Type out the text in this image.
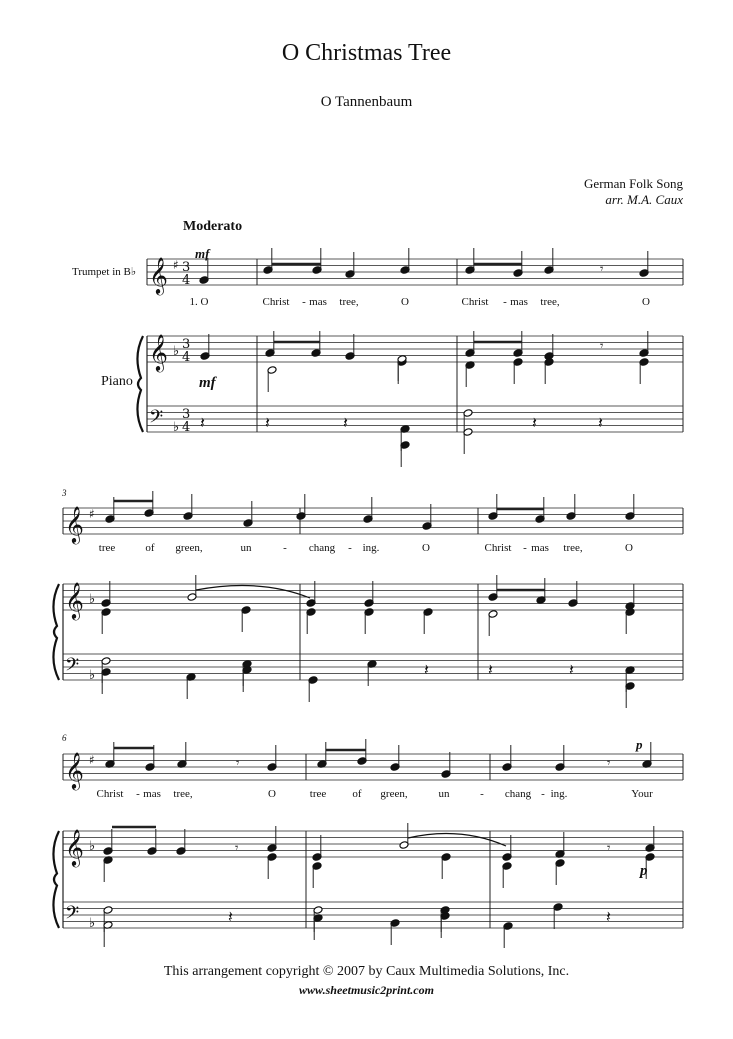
O Christmas Tree
O Tannenbaum
German Folk Song
arr. M.A. Caux
Moderato
Trumpet in B♭
Piano
3
6
mf
mf
p
p
1. O	Christ - mas tree,	O	Christ - mas tree,	O
tree	of green,	un	- chang - ing.	O	Christ - mas tree,	O
Christ - mas tree,	O	tree of green,	un	- chang - ing.	Your
This arrangement copyright © 2007 by Caux Multimedia Solutions, Inc.
www.sheetmusic2print.com
𝄞
𝄞
𝄢
♯
♭
♭
3
4
3
4
3
4
𝄞
𝄞
𝄢
♯
♭
♭
𝄞
𝄞
𝄢
♯
♭
♭
𝄾
𝄾
𝄽	𝄽	𝄽	𝄽	𝄽
𝄽	𝄽	𝄽
𝄾	𝄾
𝄾	𝄾
𝄽	𝄽
